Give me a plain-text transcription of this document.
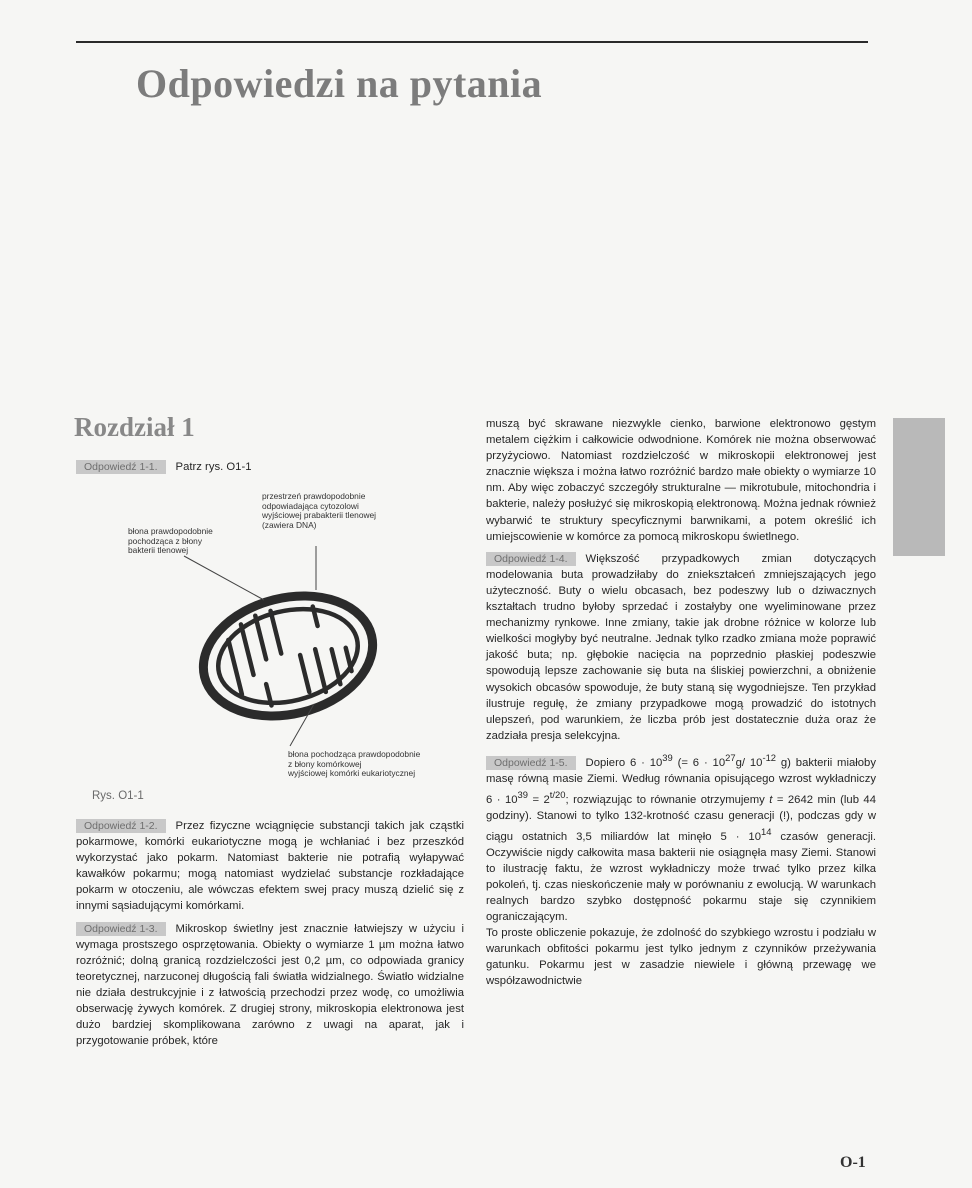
Odpowiedzi na pytania
Rozdział 1
Odpowiedź 1-1. Patrz rys. O1-1
przestrzeń prawdopodobnie
odpowiadająca cytozolowi
wyjściowej prabakterii tlenowej
(zawiera DNA)
błona prawdopodobnie
pochodząca z błony
bakterii tlenowej
błona pochodząca prawdopodobnie
z błony komórkowej
wyjściowej komórki eukariotycznej
Rys. O1-1

Odpowiedź 1-2. Przez fizyczne wciągnięcie substancji takich jak cząstki pokarmowe, komórki eukariotyczne mogą je wchłaniać i bez przeszkód wykorzystać jako pokarm. Natomiast bakterie nie potrafią wyłapywać kawałków pokarmu; mogą natomiast wydzielać substancje rozkładające pokarm w otoczeniu, ale wówczas efektem swej pracy muszą dzielić się z innymi sąsiadującymi komórkami.

Odpowiedź 1-3. Mikroskop świetlny jest znacznie łatwiejszy w użyciu i wymaga prostszego osprzętowania. Obiekty o wymiarze 1 µm można łatwo rozróżnić; dolną granicą rozdzielczości jest 0,2 µm, co odpowiada granicy teoretycznej, narzuconej długością fali światła widzialnego. Światło widzialne nie działa destrukcyjnie i z łatwością przechodzi przez wodę, co umożliwia obserwację żywych komórek. Z drugiej strony, mikroskopia elektronowa jest dużo bardziej skomplikowana zarówno z uwagi na aparat, jak i przygotowanie próbek, które

muszą być skrawane niezwykle cienko, barwione elektronowo gęstym metalem ciężkim i całkowicie odwodnione. Komórek nie można obserwować przyżyciowo. Natomiast rozdzielczość w mikroskopii elektronowej jest znacznie większa i można łatwo rozróżnić bardzo małe obiekty o wymiarze 10 nm. Aby więc zobaczyć szczegóły strukturalne — mikrotubule, mitochondria i bakterie, należy posłużyć się mikroskopią elektronową. Można jednak również wybarwić te struktury specyficznymi barwnikami, a potem określić ich umiejscowienie w komórce za pomocą mikroskopu świetlnego.

Odpowiedź 1-4. Większość przypadkowych zmian dotyczących modelowania buta prowadziłaby do zniekształceń zmniejszających jego użyteczność. Buty o wielu obcasach, bez podeszwy lub o dziwacznych kształtach trudno byłoby sprzedać i zostałyby one wyeliminowane przez mechanizmy rynkowe. Inne zmiany, takie jak drobne różnice w kolorze lub wielkości mogłyby być neutralne. Jednak tylko rzadko zmiana może poprawić jakość buta; np. głębokie nacięcia na poprzednio płaskiej podeszwie spowodują lepsze zachowanie się buta na śliskiej powierzchni, a obniżenie wysokich obcasów spowoduje, że buty staną się wygodniejsze. Ten przykład ilustruje regułę, że zmiany przypadkowe mogą prowadzić do istotnych ulepszeń, pod warunkiem, że liczba prób jest dostatecznie duża oraz że zadziała presja selekcyjna.

Odpowiedź 1-5. Dopiero $6 \cdot 10^{39}$ (= $6 \cdot 10^{27}g/$ $10^{-12}$ g) bakterii miałoby masę równą masie Ziemi. Według równania opisującego wzrost wykładniczy $6 \cdot 10^{39} = 2^{t/20}$; rozwiązując to równanie otrzymujemy t = 2642 min (lub 44 godziny). Stanowi to tylko 132-krotność czasu generacji (!), podczas gdy w ciągu ostatnich 3,5 miliardów lat minęło $5 \cdot 10^{14}$ czasów generacji. Oczywiście nigdy całkowita masa bakterii nie osiągnęła masy Ziemi. Stanowi to ilustrację faktu, że wzrost wykładniczy może trwać tylko przez kilka pokoleń, tj. czas nieskończenie mały w porównaniu z ewolucją. W warunkach realnych bardzo szybko dostępność pokarmu staje się czynnikiem ograniczającym.

To proste obliczenie pokazuje, że zdolność do szybkiego wzrostu i podziału w warunkach obfitości pokarmu jest tylko jednym z czynników przeżywania gatunku. Pokarmu jest w zasadzie niewiele i główną przewagę we współzawodnictwie

O-1
